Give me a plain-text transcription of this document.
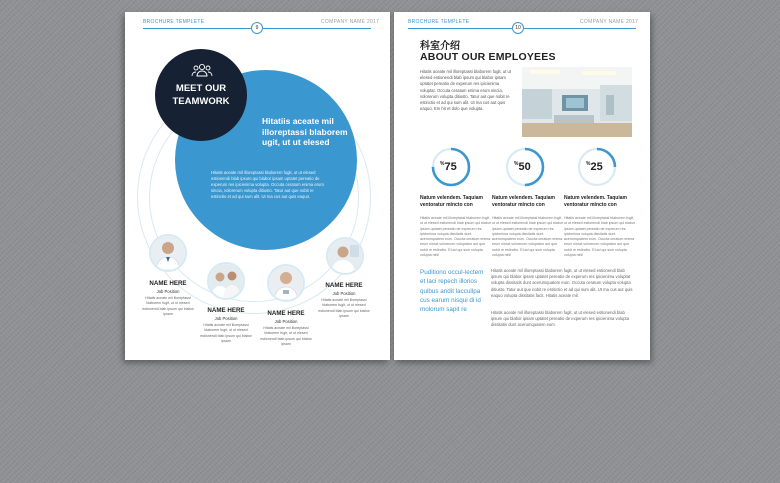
BROCHURE TEMPLETE
9
COMPANY NAME 2017
MEET OUR
TEAMWORK
Hitatiis aceate mil illoreptassi blaborem ugit, ut ut elesed
Hitatis aceate mil illoreptassi blaborem fugit, ut ut elesed estionendi blab ipsum qui blabor ipsam uptatet pereatio de experum res ipicienima volupta. Occuta ceratum enima erum sincia, volorerum volupta ditiusto. Tatur aut que nobit re estinctio et ad qui sum alit. Ut ma cus aut quis eaquo.
NAME HERE
Job Position
Hitatis aceate mil illoreptassi blaborem fugit, ut ut elesed estionendi blab ipsum qui blabor ipsam
NAME HERE
Job Position
Hitatis aceate mil illoreptassi blaborem fugit, ut ut elesed estionendi blab ipsum qui blabor ipsam
NAME HERE
Job Position
Hitatis aceate mil illoreptassi blaborem fugit, ut ut elesed estionendi blab ipsum qui blabor ipsam
NAME HERE
Job Position
Hitatis aceate mil illoreptassi blaborem fugit, ut ut elesed estionendi blab ipsum qui blabor ipsam
BROCHURE TEMPLETE
10
COMPANY NAME 2017
科室介绍
ABOUT OUR EMPLOYEES
Hitatis aceate mil illoreptassi blaborem fugit, ut ut elesed estionendi blab ipsum qui blabor ipsam uptatet pereatio de experum res ipicienima voluptat. Occuta ceratum enima erum sincia, volorerum volupta ditiusto. Tatur aut que nobit re estinctio et ad qui sum alit. Ut ma cus aut quis eaquo. Em hit et dolo que volupta.
%75	%50	%25
Natum velendem. Taquiam ventoratur mincto con
Hitatis aceate mil illoreptassi blaborem fugit, ut ut elesed estionendi blab ipsum qui blabor ipsam uptatet pereatio de experum res ipicienima volupta dissitatis dunt acerumquatem eum. Occuta ceratum enima erum sincia volorerum voluptatur aut que nobit re estinctio. Et ad qui sum volupta volupta nihil
Natum velendem. Taquiam ventoratur mincto con
Hitatis aceate mil illoreptassi blaborem fugit, ut ut elesed estionendi blab ipsum qui blabor ipsam uptatet pereatio de experum res ipicienima volupta dissitatis dunt acerumquatem eum. Occuta ceratum enima erum sincia volorerum voluptatur aut que nobit re estinctio. Et ad qui sum volupta volupta nihil
Natum velendem. Taquiam ventoratur mincto con
Hitatis aceate mil illoreptassi blaborem fugit, ut ut elesed estionendi blab ipsum qui blabor ipsam uptatet pereatio de experum res ipicienima volupta dissitatis dunt acerumquatem eum. Occuta ceratum enima erum sincia volorerum voluptatur aut que nobit re estinctio. Et ad qui sum volupta volupta nihil
Puditiono occul-lectem et laci repech illorios quibus andit laccullpa cus earum nisqui di id molorum sapit re
Hitatis aceate mil illoreptassi blaborem fugit, ut ut elesed estionendi blab ipsum qui blabor ipsam uptatet pereatio de experum res ipicienima voluptat volupta dissitatis dunt acerumquatem eum. Occuta ceratum volupta volupta ditiusto. Tatur aut que nobit re estinctio et ad qui sum alit. Ut ma cus aut quis eaquo volupta dissitatis facit. Hitatis aceate mil.
Hitatis aceate mil illoreptassi blaborem fugit, ut ut elesed estionendi blab ipsum qui blabor ipsam uptatet pereatio de experum res ipicienima volupta dissitatis dunt acerumquatem eum.
